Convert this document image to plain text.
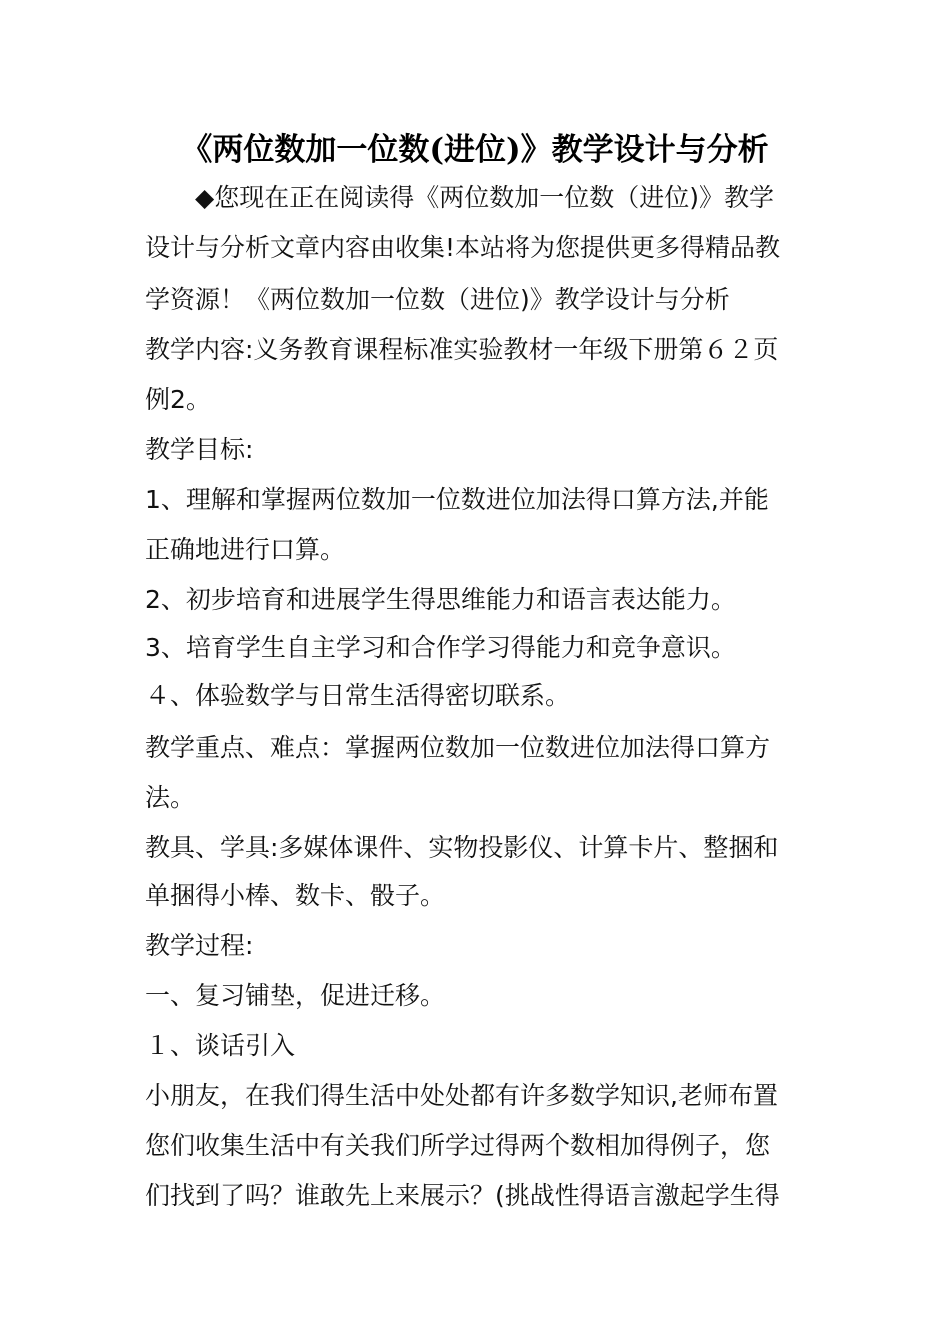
《两位数加一位数(进位)》教学设计与分析

◆您现在正在阅读得《两位数加一位数（进位)》教学

设计与分析文章内容由收集!本站将为您提供更多得精品教

学资源！《两位数加一位数（进位)》教学设计与分析

教学内容:义务教育课程标准实验教材一年级下册第６２页

例2。

教学目标:

1、理解和掌握两位数加一位数进位加法得口算方法,并能

正确地进行口算。

2、初步培育和进展学生得思维能力和语言表达能力。

3、培育学生自主学习和合作学习得能力和竞争意识。

４、体验数学与日常生活得密切联系。

教学重点、难点：掌握两位数加一位数进位加法得口算方

法。

教具、学具:多媒体课件、实物投影仪、计算卡片、整捆和

单捆得小棒、数卡、骰子。

教学过程:

一、复习铺垫，促进迁移。

１、谈话引入

小朋友，在我们得生活中处处都有许多数学知识,老师布置

您们收集生活中有关我们所学过得两个数相加得例子，您

们找到了吗？谁敢先上来展示？(挑战性得语言激起学生得
